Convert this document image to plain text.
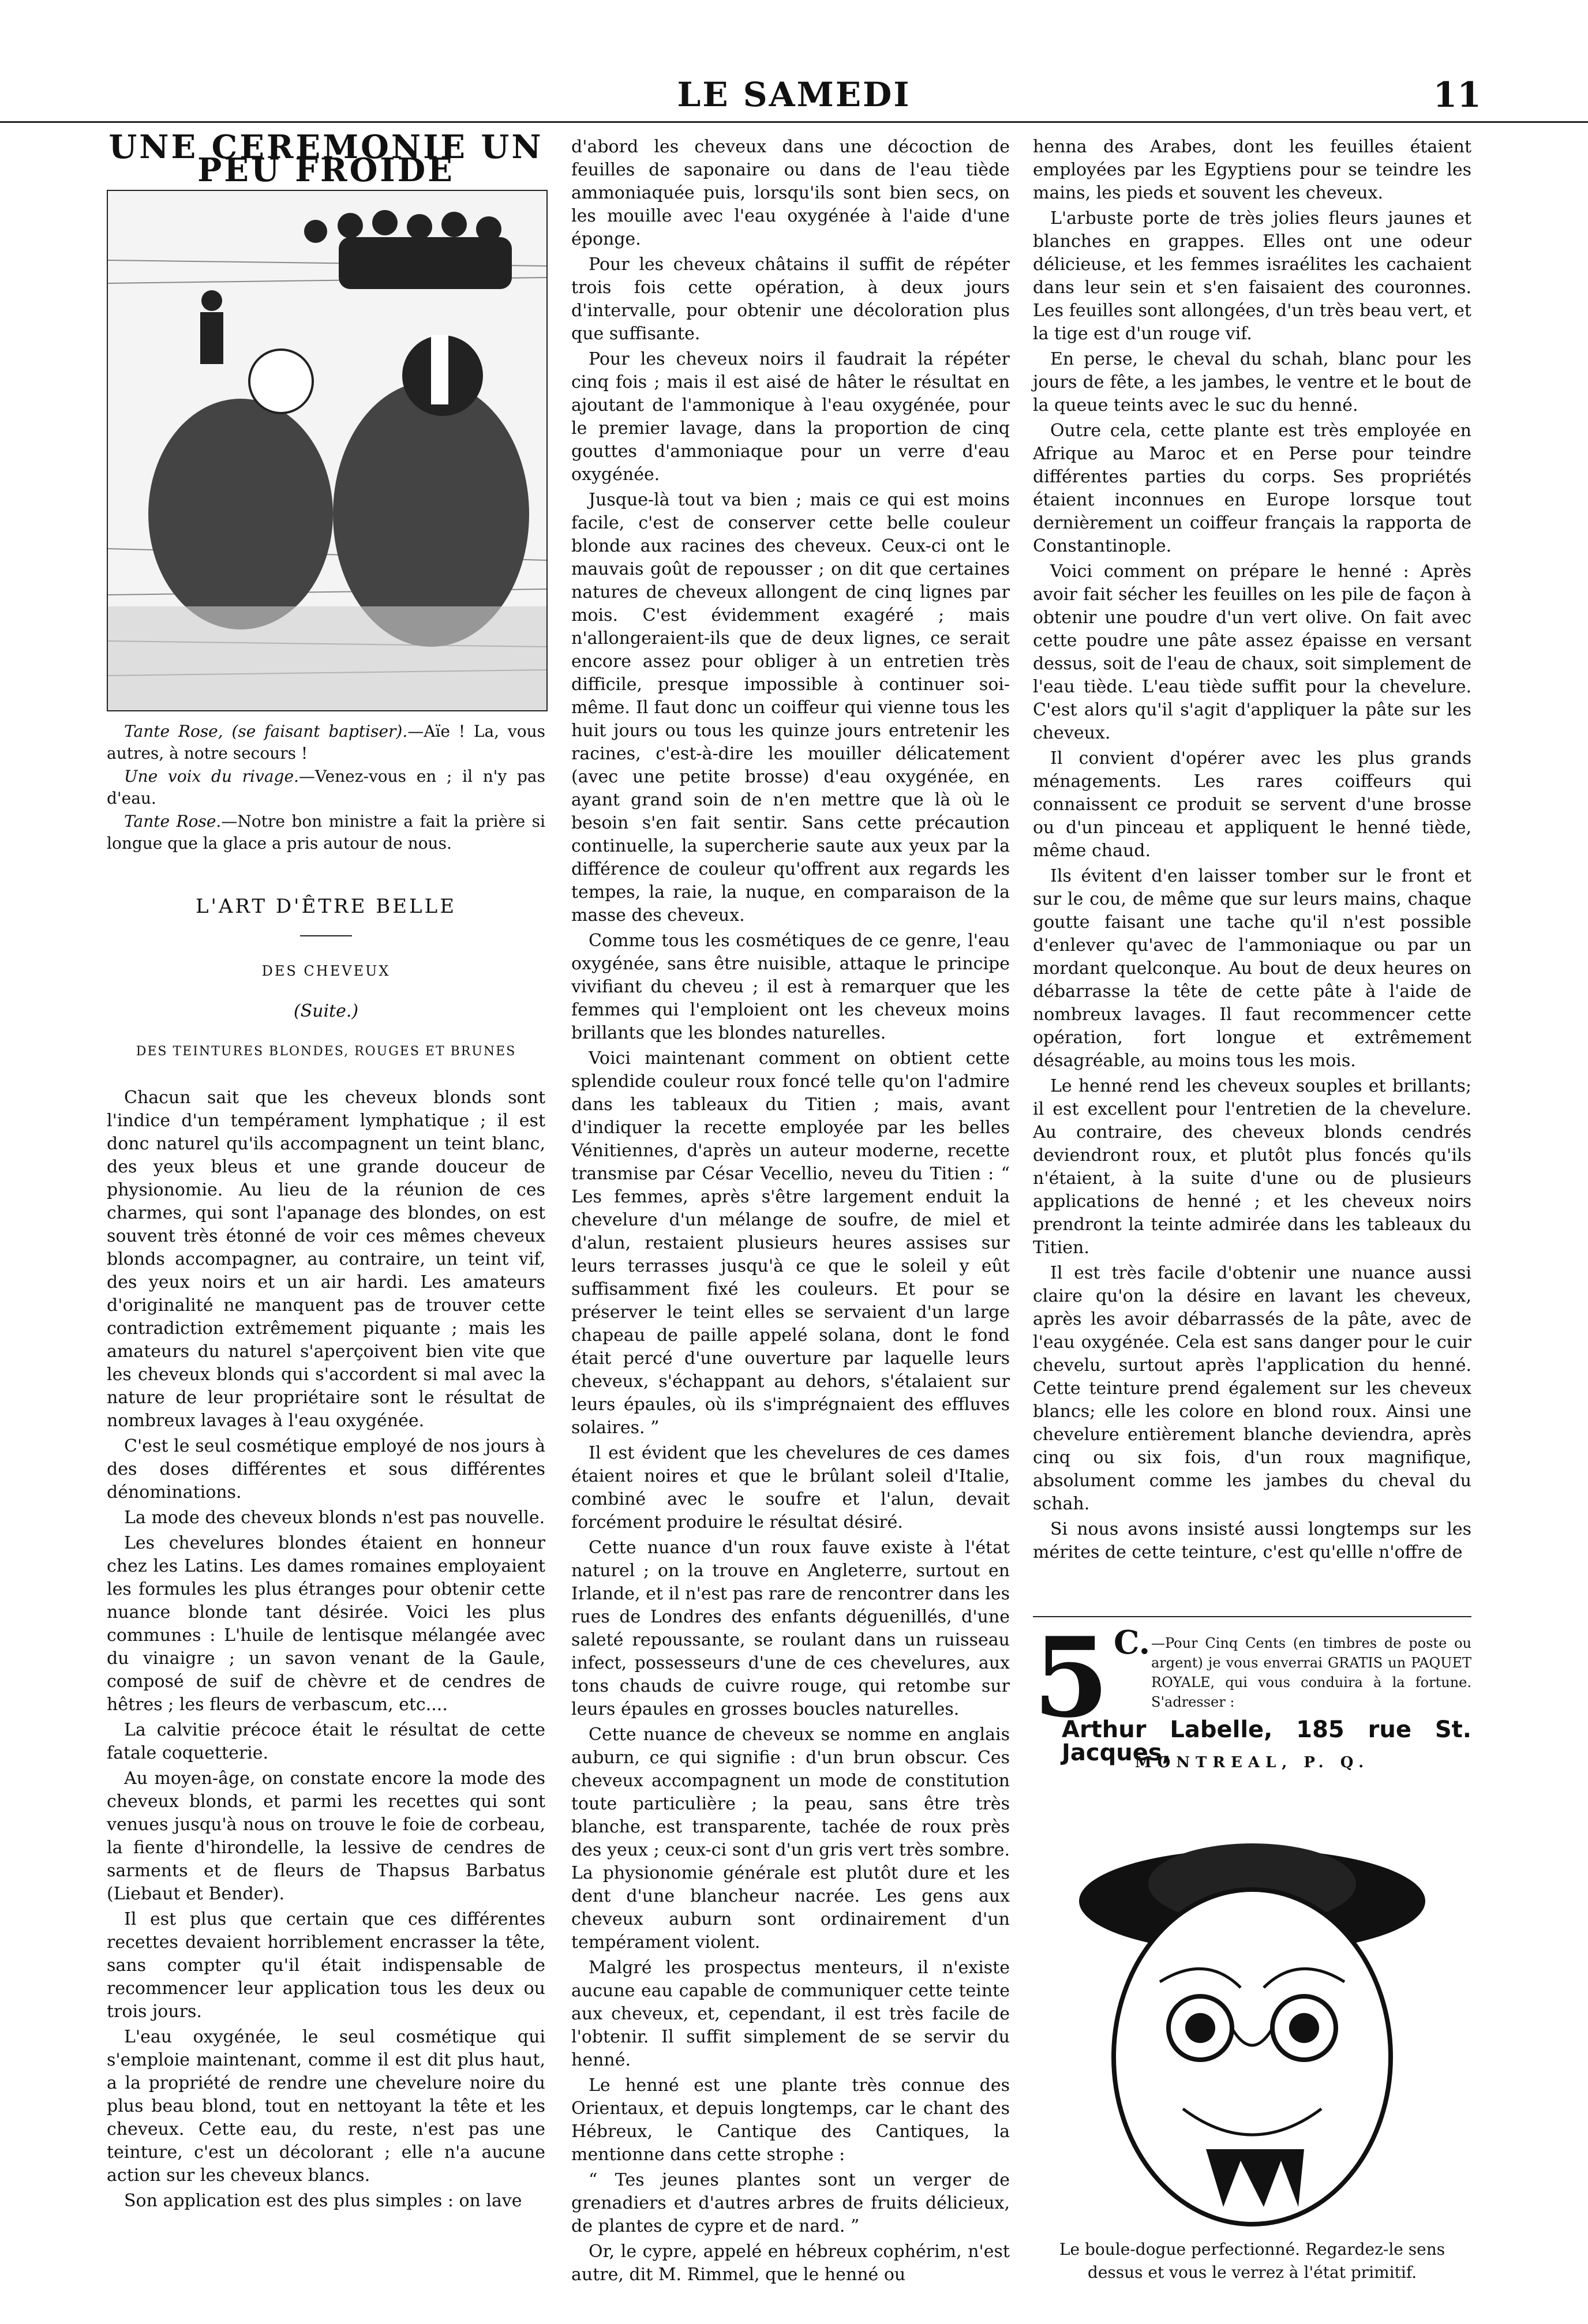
LE SAMEDI	11
UNE CEREMONIE UN PEU FROIDE

Tante Rose, (se faisant baptiser).—Aïe ! La, vous autres, à notre secours !

Une voix du rivage.—Venez-vous en ; il n'y pas d'eau.

Tante Rose.—Notre bon ministre a fait la prière si longue que la glace a pris autour de nous.

L'ART D'ÊTRE BELLE
DES CHEVEUX
(Suite.)
DES TEINTURES BLONDES, ROUGES ET BRUNES

Chacun sait que les cheveux blonds sont l'indice d'un tempérament lymphatique ; il est donc naturel qu'ils accompagnent un teint blanc, des yeux bleus et une grande douceur de physionomie. Au lieu de la réunion de ces charmes, qui sont l'apanage des blondes, on est souvent très étonné de voir ces mêmes cheveux blonds accompagner, au contraire, un teint vif, des yeux noirs et un air hardi. Les amateurs d'originalité ne manquent pas de trouver cette contradiction extrêmement piquante ; mais les amateurs du naturel s'aperçoivent bien vite que les cheveux blonds qui s'accordent si mal avec la nature de leur propriétaire sont le résultat de nombreux lavages à l'eau oxygénée.

C'est le seul cosmétique employé de nos jours à des doses différentes et sous différentes dénominations.

La mode des cheveux blonds n'est pas nouvelle.

Les chevelures blondes étaient en honneur chez les Latins. Les dames romaines employaient les formules les plus étranges pour obtenir cette nuance blonde tant désirée. Voici les plus communes : L'huile de lentisque mélangée avec du vinaigre ; un savon venant de la Gaule, composé de suif de chèvre et de cendres de hêtres ; les fleurs de verbascum, etc....

La calvitie précoce était le résultat de cette fatale coquetterie.

Au moyen-âge, on constate encore la mode des cheveux blonds, et parmi les recettes qui sont venues jusqu'à nous on trouve le foie de corbeau, la fiente d'hirondelle, la lessive de cendres de sarments et de fleurs de Thapsus Barbatus (Liebaut et Bender).

Il est plus que certain que ces différentes recettes devaient horriblement encrasser la tête, sans compter qu'il était indispensable de recommencer leur application tous les deux ou trois jours.

L'eau oxygénée, le seul cosmétique qui s'emploie maintenant, comme il est dit plus haut, a la propriété de rendre une chevelure noire du plus beau blond, tout en nettoyant la tête et les cheveux. Cette eau, du reste, n'est pas une teinture, c'est un décolorant ; elle n'a aucune action sur les cheveux blancs.

Son application est des plus simples : on lave

d'abord les cheveux dans une décoction de feuilles de saponaire ou dans de l'eau tiède ammoniaquée puis, lorsqu'ils sont bien secs, on les mouille avec l'eau oxygénée à l'aide d'une éponge.

Pour les cheveux châtains il suffit de répéter trois fois cette opération, à deux jours d'intervalle, pour obtenir une décoloration plus que suffisante.

Pour les cheveux noirs il faudrait la répéter cinq fois ; mais il est aisé de hâter le résultat en ajoutant de l'ammonique à l'eau oxygénée, pour le premier lavage, dans la proportion de cinq gouttes d'ammoniaque pour un verre d'eau oxygénée.

Jusque-là tout va bien ; mais ce qui est moins facile, c'est de conserver cette belle couleur blonde aux racines des cheveux. Ceux-ci ont le mauvais goût de repousser ; on dit que certaines natures de cheveux allongent de cinq lignes par mois. C'est évidemment exagéré ; mais n'allongeraient-ils que de deux lignes, ce serait encore assez pour obliger à un entretien très difficile, presque impossible à continuer soi-même. Il faut donc un coiffeur qui vienne tous les huit jours ou tous les quinze jours entretenir les racines, c'est-à-dire les mouiller délicatement (avec une petite brosse) d'eau oxygénée, en ayant grand soin de n'en mettre que là où le besoin s'en fait sentir. Sans cette précaution continuelle, la supercherie saute aux yeux par la différence de couleur qu'offrent aux regards les tempes, la raie, la nuque, en comparaison de la masse des cheveux.

Comme tous les cosmétiques de ce genre, l'eau oxygénée, sans être nuisible, attaque le principe vivifiant du cheveu ; il est à remarquer que les femmes qui l'emploient ont les cheveux moins brillants que les blondes naturelles.

Voici maintenant comment on obtient cette splendide couleur roux foncé telle qu'on l'admire dans les tableaux du Titien ; mais, avant d'indiquer la recette employée par les belles Vénitiennes, d'après un auteur moderne, recette transmise par César Vecellio, neveu du Titien : “ Les femmes, après s'être largement enduit la chevelure d'un mélange de soufre, de miel et d'alun, restaient plusieurs heures assises sur leurs terrasses jusqu'à ce que le soleil y eût suffisamment fixé les couleurs. Et pour se préserver le teint elles se servaient d'un large chapeau de paille appelé solana, dont le fond était percé d'une ouverture par laquelle leurs cheveux, s'échappant au dehors, s'étalaient sur leurs épaules, où ils s'imprégnaient des effluves solaires. ”

Il est évident que les chevelures de ces dames étaient noires et que le brûlant soleil d'Italie, combiné avec le soufre et l'alun, devait forcément produire le résultat désiré.

Cette nuance d'un roux fauve existe à l'état naturel ; on la trouve en Angleterre, surtout en Irlande, et il n'est pas rare de rencontrer dans les rues de Londres des enfants déguenillés, d'une saleté repoussante, se roulant dans un ruisseau infect, possesseurs d'une de ces chevelures, aux tons chauds de cuivre rouge, qui retombe sur leurs épaules en grosses boucles naturelles.

Cette nuance de cheveux se nomme en anglais auburn, ce qui signifie : d'un brun obscur. Ces cheveux accompagnent un mode de constitution toute particulière ; la peau, sans être très blanche, est transparente, tachée de roux près des yeux ; ceux-ci sont d'un gris vert très sombre. La physionomie générale est plutôt dure et les dent d'une blancheur nacrée. Les gens aux cheveux auburn sont ordinairement d'un tempérament violent.

Malgré les prospectus menteurs, il n'existe aucune eau capable de communiquer cette teinte aux cheveux, et, cependant, il est très facile de l'obtenir. Il suffit simplement de se servir du henné.

Le henné est une plante très connue des Orientaux, et depuis longtemps, car le chant des Hébreux, le Cantique des Cantiques, la mentionne dans cette strophe :

“ Tes jeunes plantes sont un verger de grenadiers et d'autres arbres de fruits délicieux, de plantes de cypre et de nard. ”

Or, le cypre, appelé en hébreux cophérim, n'est autre, dit M. Rimmel, que le henné ou

henna des Arabes, dont les feuilles étaient employées par les Egyptiens pour se teindre les mains, les pieds et souvent les cheveux.

L'arbuste porte de très jolies fleurs jaunes et blanches en grappes. Elles ont une odeur délicieuse, et les femmes israélites les cachaient dans leur sein et s'en faisaient des couronnes. Les feuilles sont allongées, d'un très beau vert, et la tige est d'un rouge vif.

En perse, le cheval du schah, blanc pour les jours de fête, a les jambes, le ventre et le bout de la queue teints avec le suc du henné.

Outre cela, cette plante est très employée en Afrique au Maroc et en Perse pour teindre différentes parties du corps. Ses propriétés étaient inconnues en Europe lorsque tout dernièrement un coiffeur français la rapporta de Constantinople.

Voici comment on prépare le henné : Après avoir fait sécher les feuilles on les pile de façon à obtenir une poudre d'un vert olive. On fait avec cette poudre une pâte assez épaisse en versant dessus, soit de l'eau de chaux, soit simplement de l'eau tiède. L'eau tiède suffit pour la chevelure. C'est alors qu'il s'agit d'appliquer la pâte sur les cheveux.

Il convient d'opérer avec les plus grands ménagements. Les rares coiffeurs qui connaissent ce produit se servent d'une brosse ou d'un pinceau et appliquent le henné tiède, même chaud.

Ils évitent d'en laisser tomber sur le front et sur le cou, de même que sur leurs mains, chaque goutte faisant une tache qu'il n'est possible d'enlever qu'avec de l'ammoniaque ou par un mordant quelconque. Au bout de deux heures on débarrasse la tête de cette pâte à l'aide de nombreux lavages. Il faut recommencer cette opération, fort longue et extrêmement désagréable, au moins tous les mois.

Le henné rend les cheveux souples et brillants; il est excellent pour l'entretien de la chevelure. Au contraire, des cheveux blonds cendrés deviendront roux, et plutôt plus foncés qu'ils n'étaient, à la suite d'une ou de plusieurs applications de henné ; et les cheveux noirs prendront la teinte admirée dans les tableaux du Titien.

Il est très facile d'obtenir une nuance aussi claire qu'on la désire en lavant les cheveux, après les avoir débarrassés de la pâte, avec de l'eau oxygénée. Cela est sans danger pour le cuir chevelu, surtout après l'application du henné. Cette teinture prend également sur les cheveux blancs; elle les colore en blond roux. Ainsi une chevelure entièrement blanche deviendra, après cinq ou six fois, d'un roux magnifique, absolument comme les jambes du cheval du schah.

Si nous avons insisté aussi longtemps sur les mérites de cette teinture, c'est qu'ellle n'offre de

5 C. —Pour Cinq Cents (en timbres de poste ou argent) je vous enverrai GRATIS un PAQUET ROYALE, qui vous conduira à la fortune. S'adresser :
Arthur Labelle, 185 rue St. Jacques,
MONTREAL, P. Q.
Le boule-dogue perfectionné. Regardez-le sens dessus et vous le verrez à l'état primitif.
